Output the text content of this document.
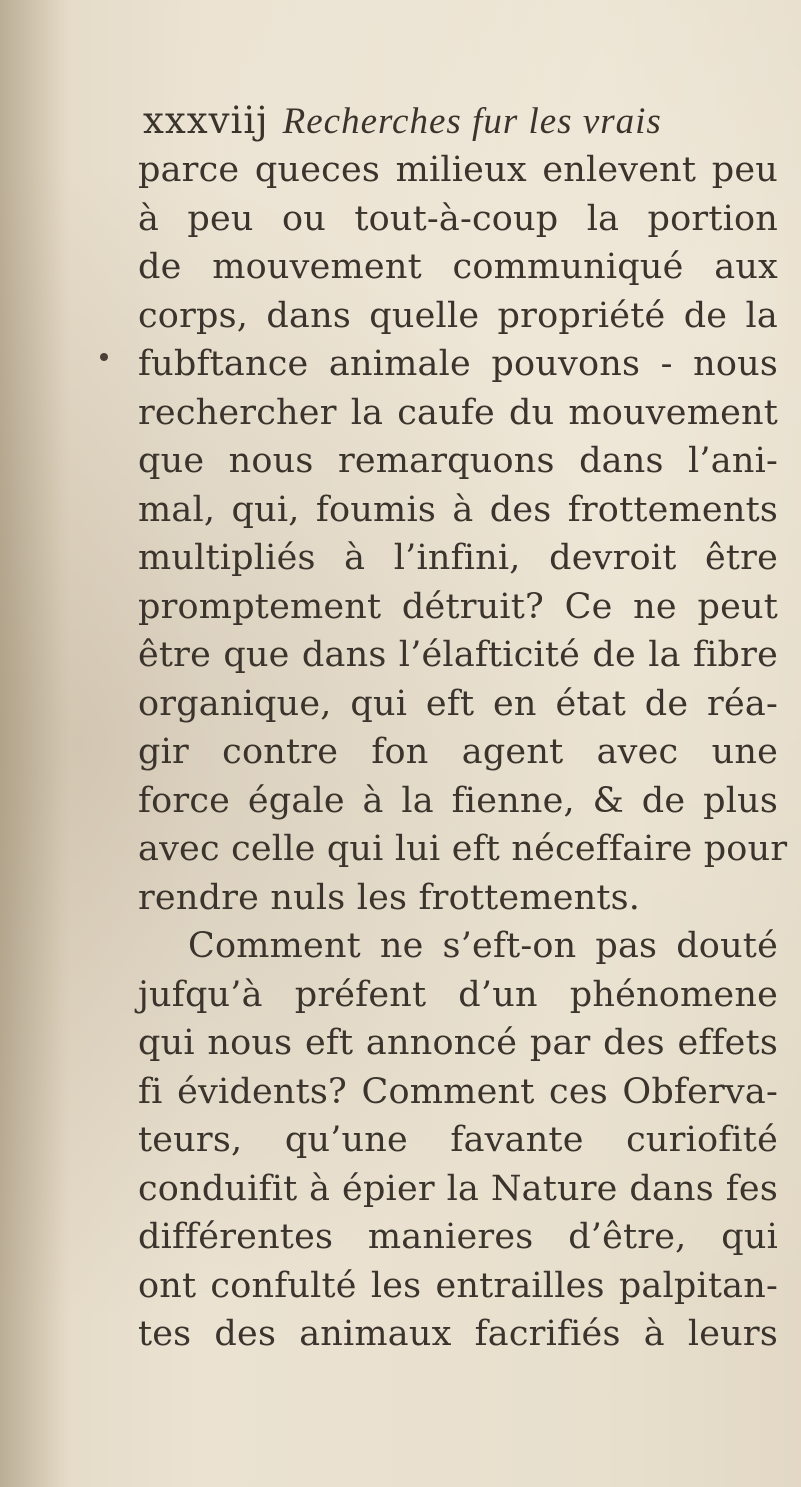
xxxviij Recherches fur les vrais
parce queces milieux enlevent peu
à peu ou tout-à-coup la portion
de mouvement communiqué aux
corps, dans quelle propriété de la
fubftance animale pouvons - nous
rechercher la caufe du mouvement
que nous remarquons dans l’ani-
mal, qui, foumis à des frottements
multipliés à l’infini, devroit être
promptement détruit? Ce ne peut
être que dans l’élafticité de la fibre
organique, qui eft en état de réa-
gir contre fon agent avec une
force égale à la fienne, & de plus
avec celle qui lui eft néceffaire pour
rendre nuls les frottements.
Comment ne s’eft-on pas douté
jufqu’à préfent d’un phénomene
qui nous eft annoncé par des effets
fi évidents? Comment ces Obferva-
teurs, qu’une favante curiofité
conduifit à épier la Nature dans fes
différentes manieres d’être, qui
ont confulté les entrailles palpitan-
tes des animaux facrifiés à leurs
